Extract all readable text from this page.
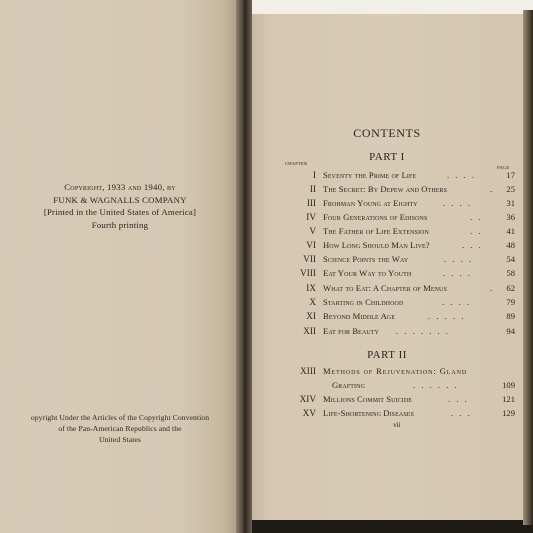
Copyright, 1933 and 1940, by
FUNK & WAGNALLS COMPANY
[Printed in the United States of America]
Fourth printing
opyright Under the Articles of the Copyright Convention
of the Pan-American Republics and the
United States
CONTENTS
CHAPTER
PAGE
PART I
I Seventy the Prime of Life	. . . .	17
II The Secret: By Depew and Others	.	25
III Frohman Young at Eighty	. . . .	31
IV Four Generations of Edisons	. .	36
V The Father of Life Extension	. .	41
VI How Long Should Man Live?	. . .	48
VII Science Points the Way	. . . .	54
VIII Eat Your Way to Youth	. . . .	58
IX What to Eat: A Chapter of Menus	.	62
X Starting in Childhood	. . . .	79
XI Beyond Middle Age	. . . . .	89
XII Eat for Beauty . . . . . . .	94
PART II
XIII Methods of Rejuvenation: Gland
Grafting	. . . . . .	109
XIV Millions Commit Suicide	. . .	121
XV Life-Shortening Diseases	. . .	129
vii
